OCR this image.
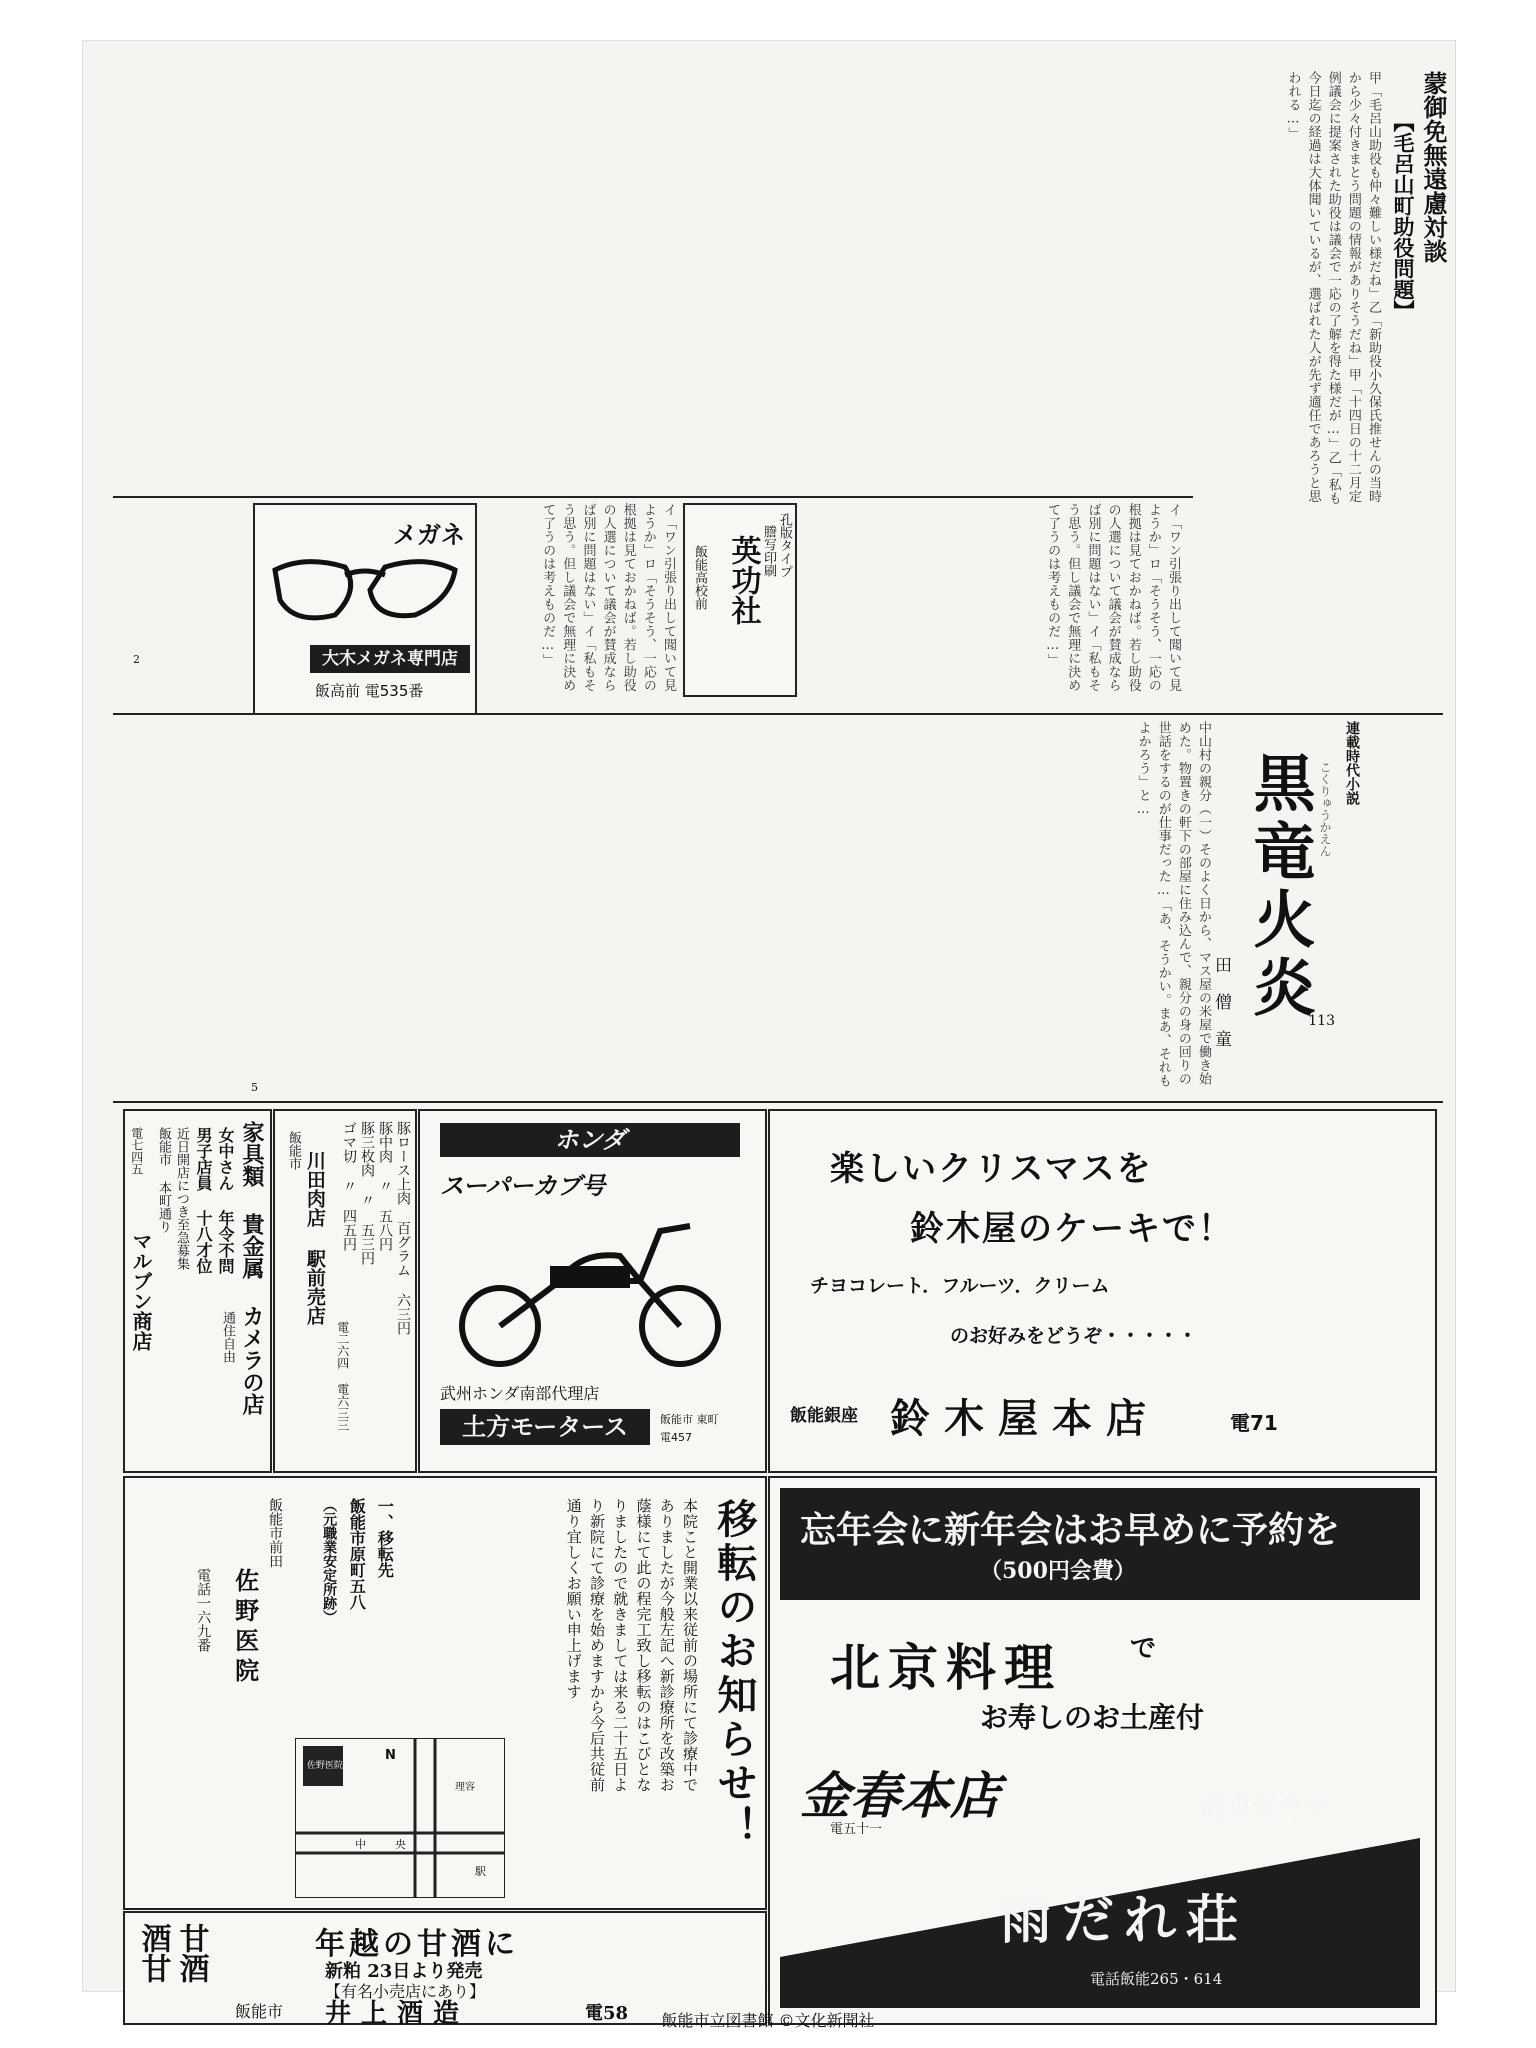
蒙御免無遠慮対談
【毛呂山町助役問題】
甲「毛呂山助役も仲々難しい様だね」乙「新助役小久保氏推せんの当時から少々付きまとう問題の情報がありそうだね」甲「十四日の十二月定例議会に提案された助役は議会で一応の了解を得た様だが…」乙「私も今日迄の経過は大体聞いているが、選ばれた人が先ず適任であろうと思われる…」
メガネ
大木メガネ専門店
飯高前 電535番
英功社 孔版タイプ
謄写印刷
飯能高校前
イ「ワン引張り出して聞いて見ようか」ロ「そうそう、一応の根拠は見ておかねば。若し助役の人選について議会が賛成ならば別に問題はない」イ「私もそう思う。但し議会で無理に決めて了うのは考えものだ…」	イ「ワン引張り出して聞いて見ようか」ロ「そうそう、一応の根拠は見ておかねば。若し助役の人選について議会が賛成ならば別に問題はない」イ「私もそう思う。但し議会で無理に決めて了うのは考えものだ…」
2
連載時代小説
黒竜火炎 こくりゅうかえん
田 僧 童	113
中山村の親分（一）そのよく日から、マス屋の米屋で働き始めた。物置きの軒下の部屋に住み込んで、親分の身の回りの世話をするのが仕事だった…「あ、そうかい。まあ、それもよかろう」と…
5
家具類 貴金属 カメラの店
女中さん 年令不問
男子店員 十八才位
通住自由
近日開店につき至急募集
飯能市 本町通り
マルブン商店
電七四五	豚ロース上肉 百グラム 六三円
豚中肉 〃 五八円
豚三枚肉 〃 五三円
ゴマ切 〃 四五円
飯能市
川田肉店 駅前売店
電二六四 電六三三
ホンダ
スーパーカブ号
武州ホンダ南部代理店
土方モータース	飯能市 東町
電457
楽しいクリスマスを
鈴木屋のケーキで！
チヨコレート．フルーツ．クリーム
のお好みをどうぞ・・・・・
飯能銀座 鈴木屋本店	電71
移転のお知らせ！
本院こと開業以来従前の場所にて診療中でありましたが今般左記へ新診療所を改築お蔭様にて此の程完工致し移転のはこびとなりましたので就きましては来る二十五日より新院にて診療を始めますから今后共従前通り宜しくお願い申上げます
一、移転先
飯能市原町五八
（元職業安定所跡）
飯能市前田
佐野医院
電話一六九番
佐野医院
N
理容
中	央
駅
酒甘 甘酒	年越の甘酒に
新粕 23日より発売
【有名小売店にあり】
飯能市 井上酒造	電58
忘年会に新年会はお早めに予約を
（500円会費）
北京料理	で
お寿しのお土産付
金春本店
電五十一
温泉気分で
雨だれ荘
電話飯能265・614
飯能市立図書館 ©文化新聞社
